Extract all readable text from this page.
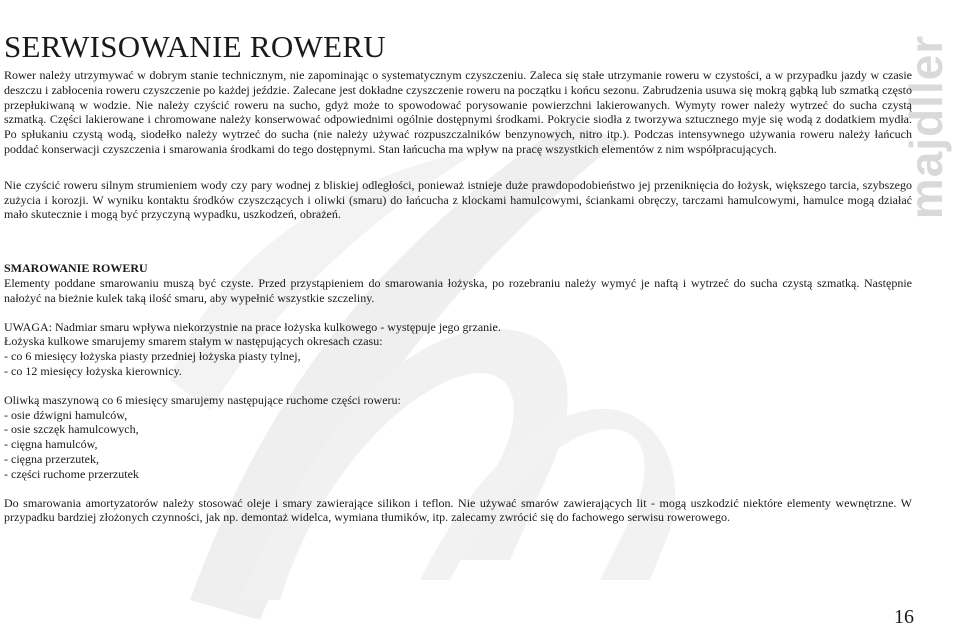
majdller
SERWISOWANIE ROWERU

Rower należy utrzymywać w dobrym stanie technicznym, nie zapominając o systematycznym czyszczeniu. Zaleca się stałe utrzymanie roweru w czystości, a w przypadku jazdy w czasie deszczu i zabłocenia roweru czyszczenie po każdej jeździe. Zalecane jest dokładne czyszczenie roweru na początku i końcu sezonu. Zabrudzenia usuwa się mokrą gąbką lub szmatką często przepłukiwaną w wodzie. Nie należy czyścić roweru na sucho, gdyż może to spowodować porysowanie powierzchni lakierowanych. Wymyty rower należy wytrzeć do sucha czystą szmatką. Części lakierowane i chromowane należy konserwować odpowiednimi ogólnie dostępnymi środkami. Pokrycie siodła z tworzywa sztucznego myje się wodą z dodatkiem mydła. Po spłukaniu czystą wodą, siodełko należy wytrzeć do sucha (nie należy używać rozpuszczalników benzynowych, nitro itp.). Podczas intensywnego używania roweru należy łańcuch poddać konserwacji czyszczenia i smarowania środkami do tego dostępnymi. Stan łańcucha ma wpływ na pracę wszystkich elementów z nim współpracujących.

Nie czyścić roweru silnym strumieniem wody czy pary wodnej z bliskiej odległości, ponieważ istnieje duże prawdopodobieństwo jej przeniknięcia do łożysk, większego tarcia, szybszego zużycia i korozji. W wyniku kontaktu środków czyszczących i oliwki (smaru) do łańcucha z klockami hamulcowymi, ściankami obręczy, tarczami hamulcowymi, hamulce mogą działać mało skutecznie i mogą być przyczyną wypadku, uszkodzeń, obrażeń.

SMAROWANIE ROWERU

Elementy poddane smarowaniu muszą być czyste. Przed przystąpieniem do smarowania łożyska, po rozebraniu należy wymyć je naftą i wytrzeć do sucha czystą szmatką. Następnie nałożyć na bieżnie kulek taką ilość smaru, aby wypełnić wszystkie szczeliny.

UWAGA: Nadmiar smaru wpływa niekorzystnie na prace łożyska kulkowego - występuje jego grzanie.

Łożyska kulkowe smarujemy smarem stałym w następujących okresach czasu:

- co 6 miesięcy łożyska piasty przedniej łożyska piasty tylnej,

- co 12 miesięcy łożyska kierownicy.

Oliwką maszynową co 6 miesięcy smarujemy następujące ruchome części roweru:

- osie dźwigni hamulców,

- osie szczęk hamulcowych,

- cięgna hamulców,

- cięgna przerzutek,

- części ruchome przerzutek

Do smarowania amortyzatorów należy stosować oleje i smary zawierające silikon i teflon. Nie używać smarów zawierających lit - mogą uszkodzić niektóre elementy wewnętrzne. W przypadku bardziej złożonych czynności, jak np. demontaż widelca, wymiana tłumików, itp. zalecamy zwrócić się do fachowego serwisu rowerowego.

16
